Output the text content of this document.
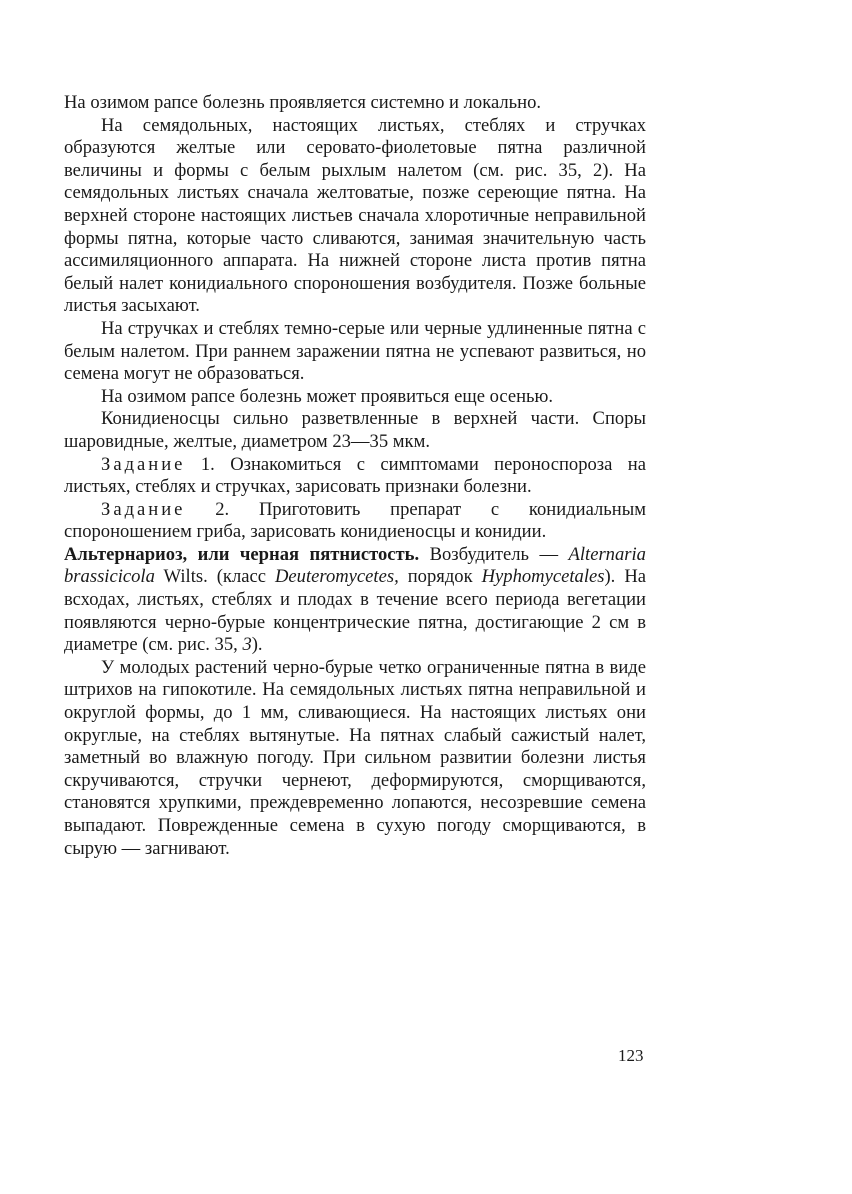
На озимом рапсе болезнь проявляется системно и локально.

На семядольных, настоящих листьях, стеблях и стручках образуются желтые или серовато-фиолетовые пятна различной величины и формы с белым рыхлым налетом (см. рис. 35, 2). На семядольных листьях сначала желтоватые, позже сереющие пятна. На верхней стороне настоящих листьев сначала хлоротичные неправильной формы пятна, которые часто сливаются, занимая значительную часть ассимиляционного аппарата. На нижней стороне листа против пятна белый налет конидиального спороношения возбудителя. Позже больные листья засыхают.

На стручках и стеблях темно-серые или черные удлиненные пятна с белым налетом. При раннем заражении пятна не успевают развиться, но семена могут не образоваться.

На озимом рапсе болезнь может проявиться еще осенью.

Конидиеносцы сильно разветвленные в верхней части. Споры шаровидные, желтые, диаметром 23—35 мкм.

Задание 1. Ознакомиться с симптомами пероноспороза на листьях, стеблях и стручках, зарисовать признаки болезни.

Задание 2. Приготовить препарат с конидиальным спороношением гриба, зарисовать конидиеносцы и конидии.

Альтернариоз, или черная пятнистость. Возбудитель — Alternaria brassicicola Wilts. (класс Deuteromycetes, порядок Hyphomycetales). На всходах, листьях, стеблях и плодах в течение всего периода вегетации появляются черно-бурые концентрические пятна, достигающие 2 см в диаметре (см. рис. 35, 3).

У молодых растений черно-бурые четко ограниченные пятна в виде штрихов на гипокотиле. На семядольных листьях пятна неправильной и округлой формы, до 1 мм, сливающиеся. На настоящих листьях они округлые, на стеблях вытянутые. На пятнах слабый сажистый налет, заметный во влажную погоду. При сильном развитии болезни листья скручиваются, стручки чернеют, деформируются, сморщиваются, становятся хрупкими, преждевременно лопаются, несозревшие семена выпадают. Поврежденные семена в сухую погоду сморщиваются, в сырую — загнивают.

123
